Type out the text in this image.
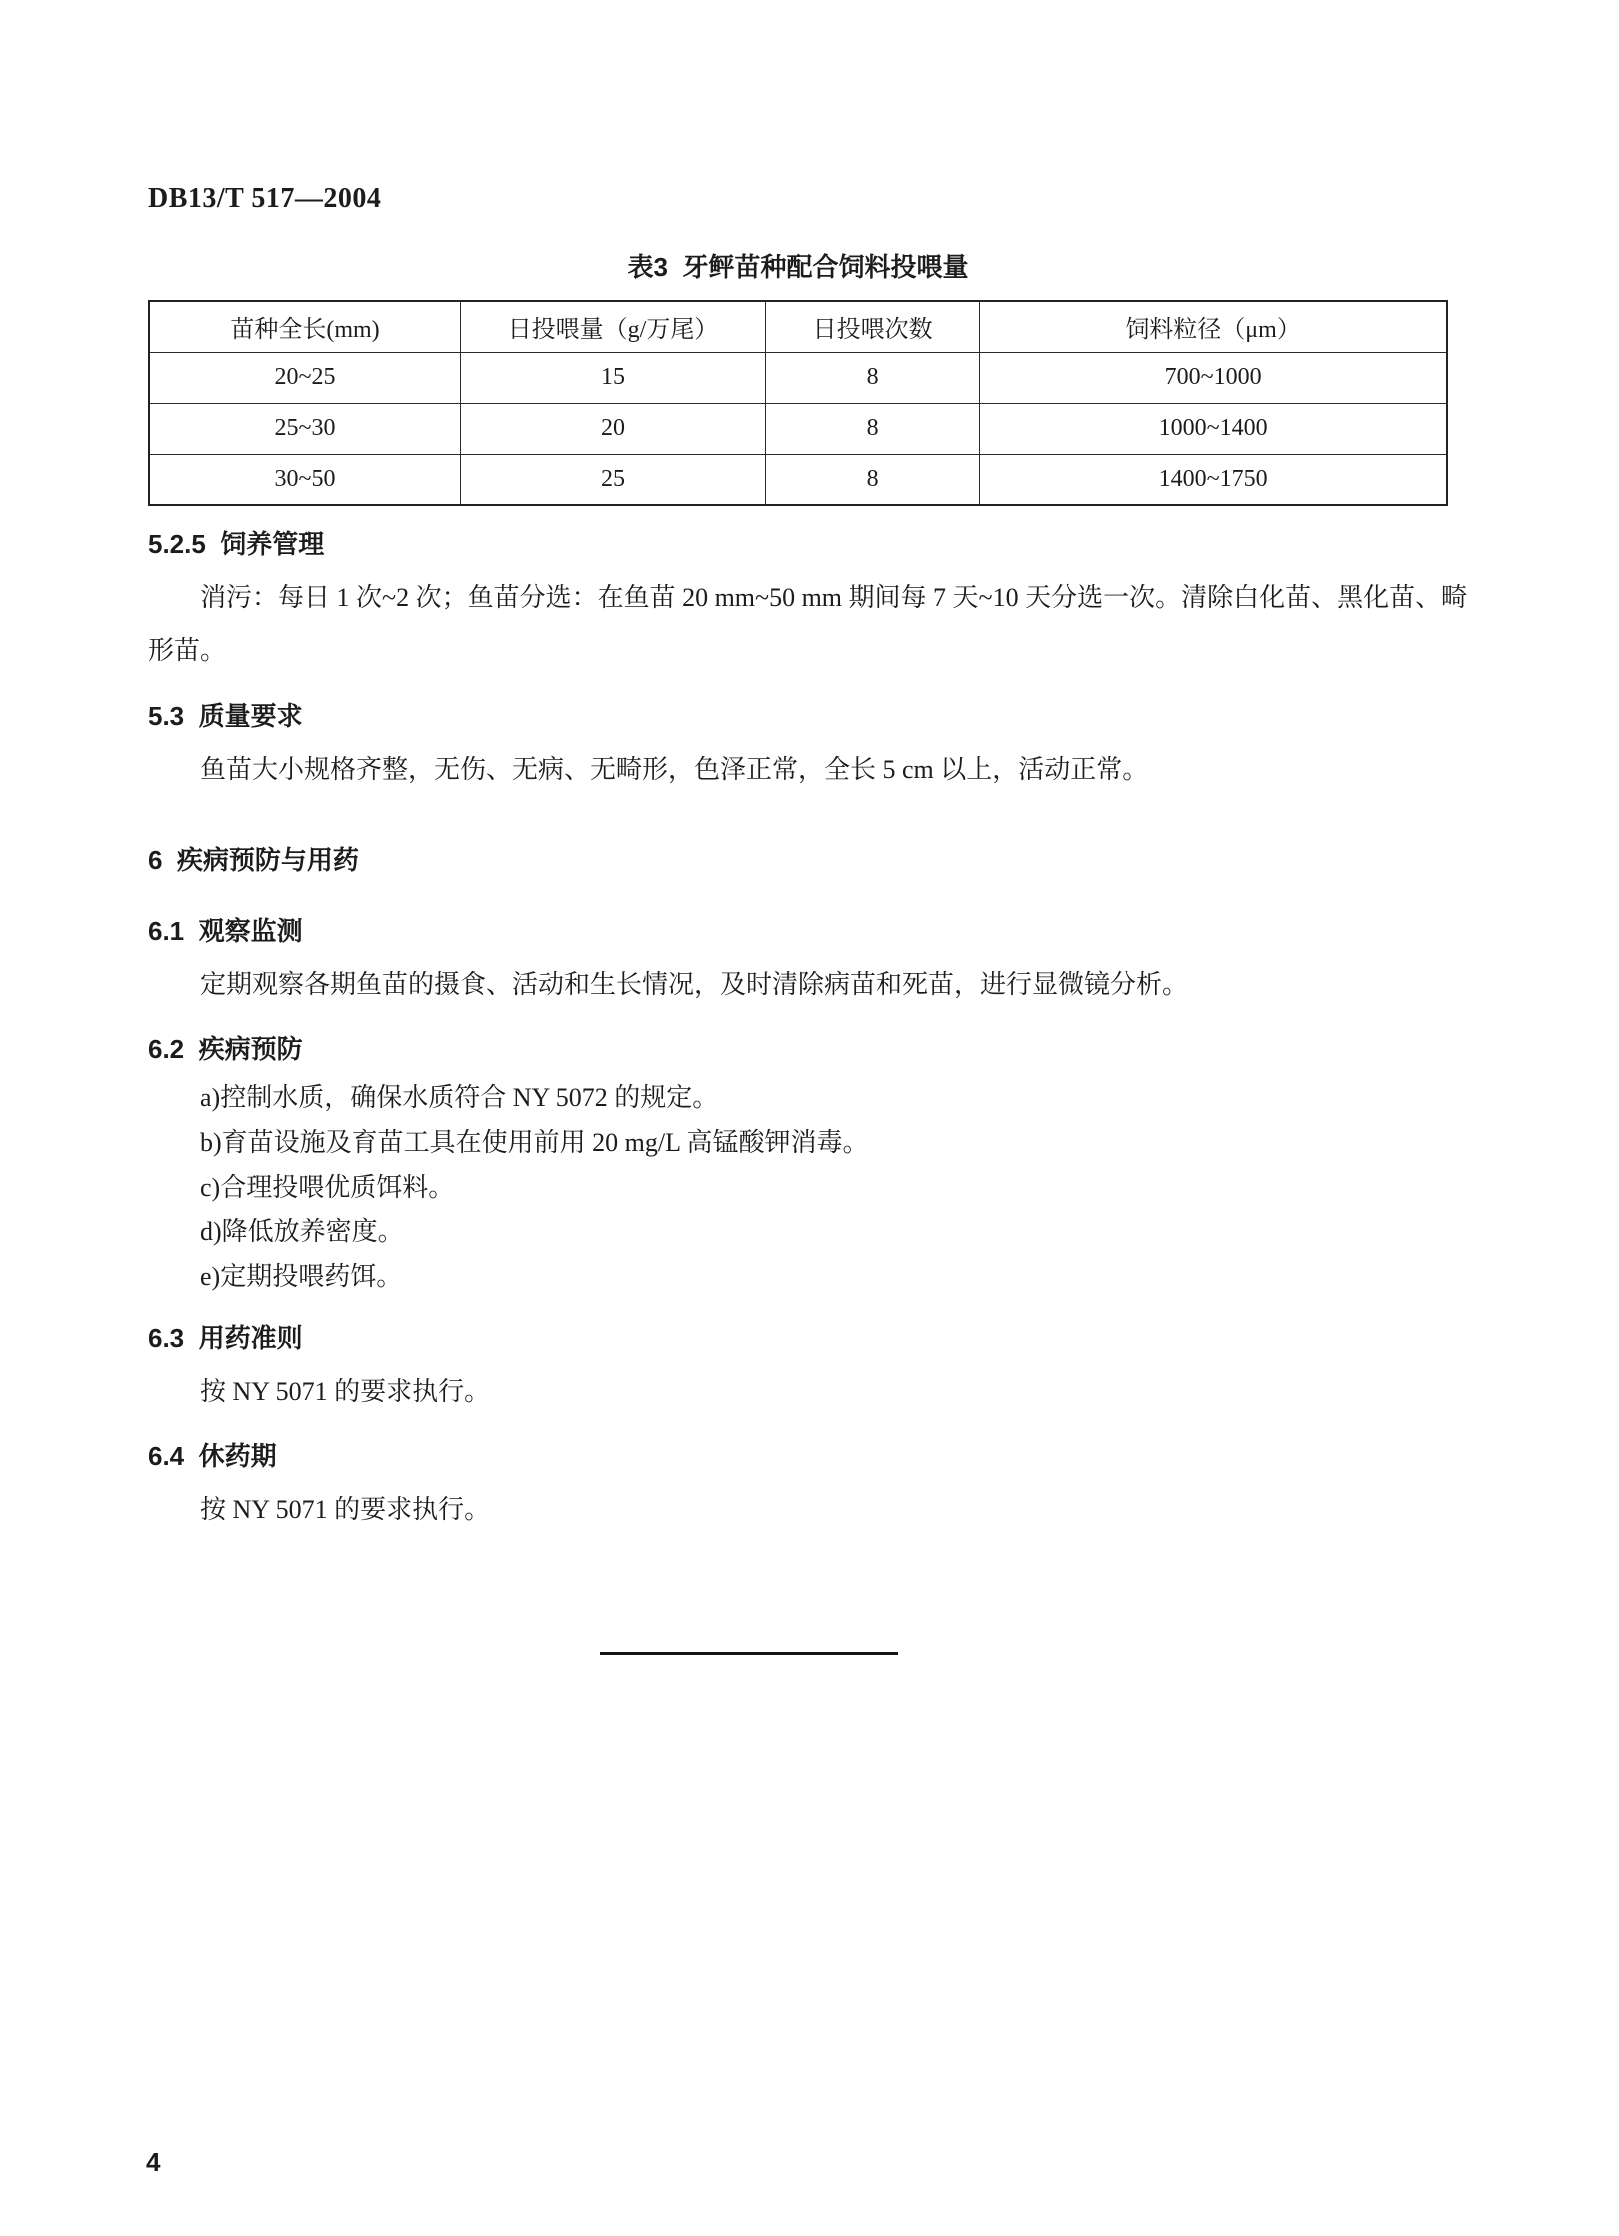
DB13/T 517—2004
表3  牙鲆苗种配合饲料投喂量
苗种全长(mm)	日投喂量（g/万尾）	日投喂次数	饲料粒径（μm）
20~25	15	8	700~1000
25~30	20	8	1000~1400
30~50	25	8	1400~1750
5.2.5  饲养管理

消污：每日 1 次~2 次；鱼苗分选：在鱼苗 20 mm~50 mm 期间每 7 天~10 天分选一次。清除白化苗、黑化苗、畸形苗。

5.3  质量要求

鱼苗大小规格齐整，无伤、无病、无畸形，色泽正常，全长 5 cm 以上，活动正常。

6  疾病预防与用药
6.1  观察监测

定期观察各期鱼苗的摄食、活动和生长情况，及时清除病苗和死苗，进行显微镜分析。

6.2  疾病预防
a)控制水质，确保水质符合 NY 5072 的规定。
b)育苗设施及育苗工具在使用前用 20 mg/L 高锰酸钾消毒。
c)合理投喂优质饵料。
d)降低放养密度。
e)定期投喂药饵。
6.3  用药准则

按 NY 5071 的要求执行。

6.4  休药期

按 NY 5071 的要求执行。

4
